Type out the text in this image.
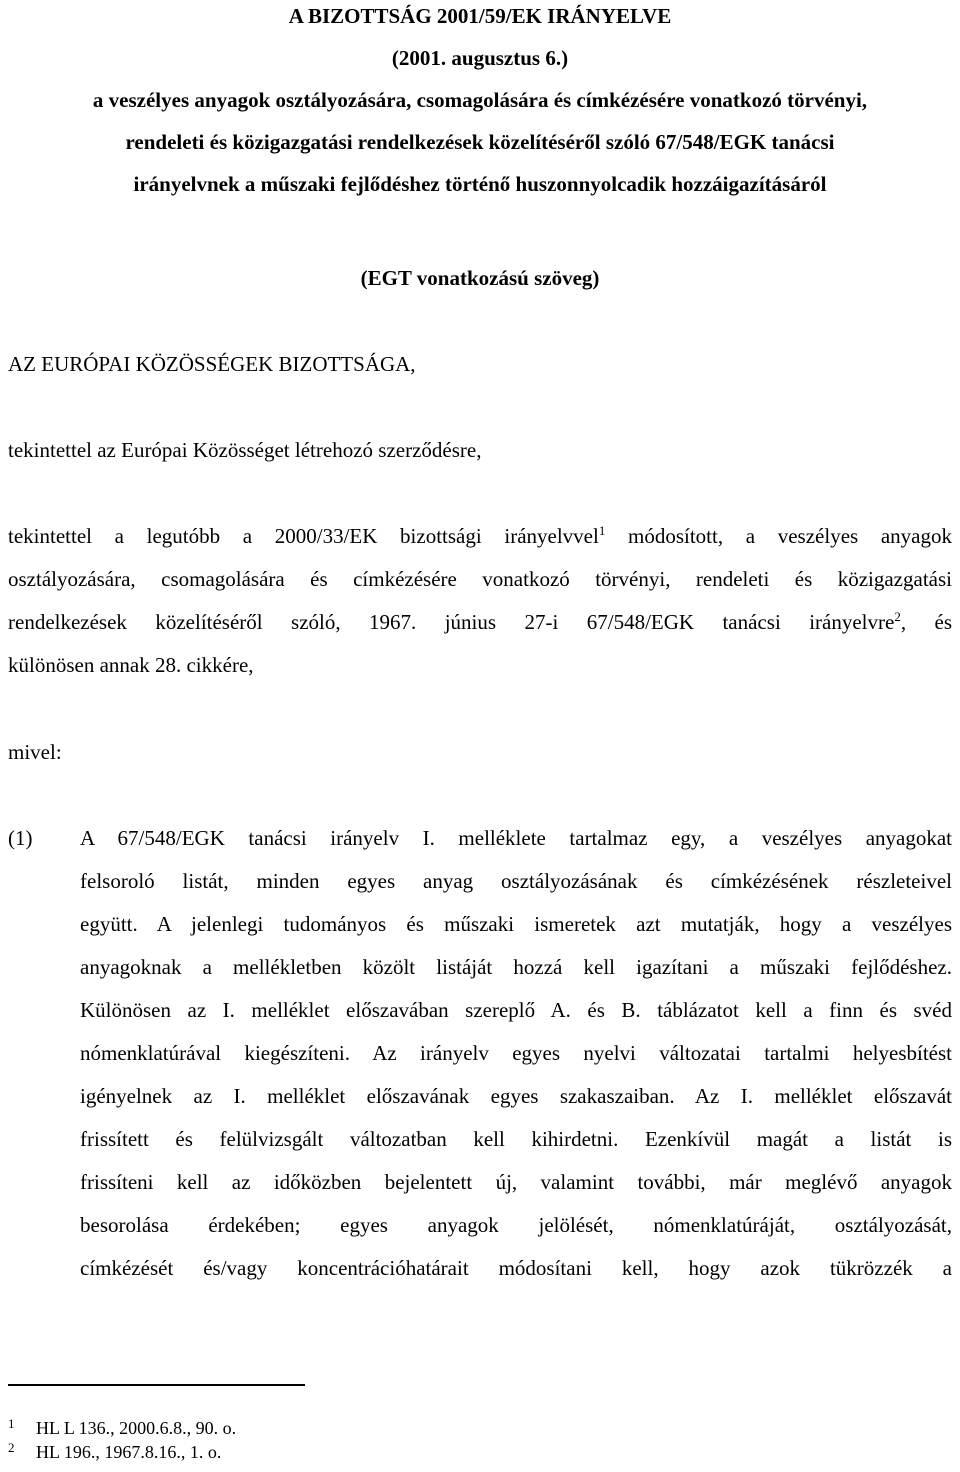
A BIZOTTSÁG 2001/59/EK IRÁNYELVE
(2001. augusztus 6.)
a veszélyes anyagok osztályozására, csomagolására és címkézésére vonatkozó törvényi,
rendeleti és közigazgatási rendelkezések közelítéséről szóló 67/548/EGK tanácsi
irányelvnek a műszaki fejlődéshez történő huszonnyolcadik hozzáigazításáról
(EGT vonatkozású szöveg)
AZ EURÓPAI KÖZÖSSÉGEK BIZOTTSÁGA,
tekintettel az Európai Közösséget létrehozó szerződésre,
tekintettel a legutóbb a 2000/33/EK bizottsági irányelvvel$^1$ módosított, a veszélyes anyagok
osztályozására, csomagolására és címkézésére vonatkozó törvényi, rendeleti és közigazgatási
rendelkezések közelítéséről szóló, 1967. június 27-i 67/548/EGK tanácsi irányelvre$^2$, és
különösen annak 28. cikkére,
mivel:
(1) A 67/548/EGK tanácsi irányelv I. melléklete tartalmaz egy, a veszélyes anyagokat
felsoroló listát, minden egyes anyag osztályozásának és címkézésének részleteivel
együtt. A jelenlegi tudományos és műszaki ismeretek azt mutatják, hogy a veszélyes
anyagoknak a mellékletben közölt listáját hozzá kell igazítani a műszaki fejlődéshez.
Különösen az I. melléklet előszavában szereplő A. és B. táblázatot kell a finn és svéd
nómenklatúrával kiegészíteni. Az irányelv egyes nyelvi változatai tartalmi helyesbítést
igényelnek az I. melléklet előszavának egyes szakaszaiban. Az I. melléklet előszavát
frissített és felülvizsgált változatban kell kihirdetni. Ezenkívül magát a listát is
frissíteni kell az időközben bejelentett új, valamint további, már meglévő anyagok
besorolása érdekében; egyes anyagok jelölését, nómenklatúráját, osztályozását,
címkézését és/vagy koncentrációhatárait módosítani kell, hogy azok tükrözzék a
1 HL L 136., 2000.6.8., 90. o.
2 HL 196., 1967.8.16., 1. o.
